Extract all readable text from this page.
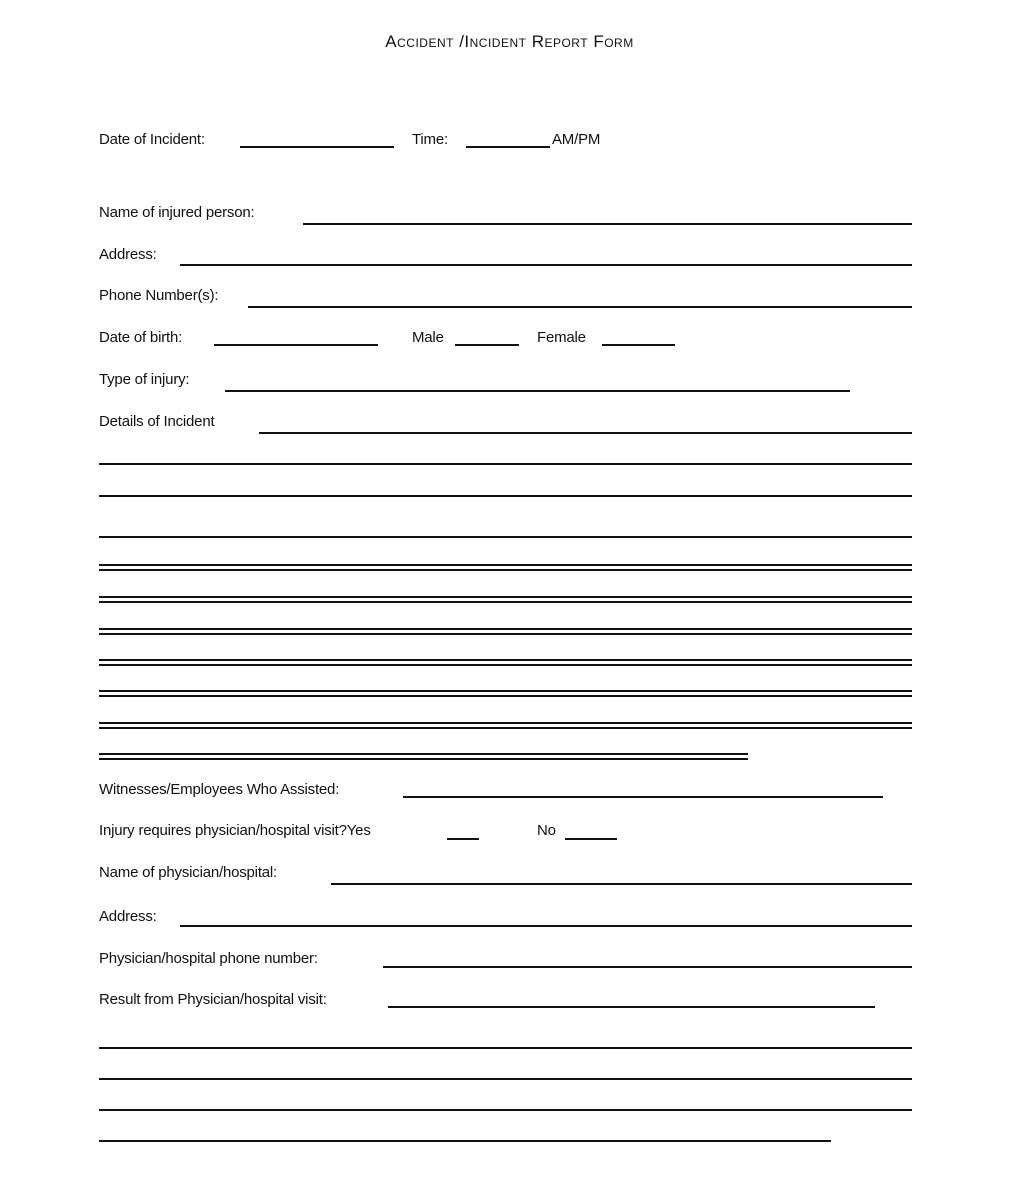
Accident /Incident Report Form
Date of Incident:	Time:	AM/PM
Name of injured person:
Address:
Phone Number(s):
Date of birth:	Male	Female
Type of injury:
Details of Incident
Witnesses/Employees Who Assisted:
Injury requires physician/hospital visit?Yes	No
Name of physician/hospital:
Address:
Physician/hospital phone number:
Result from Physician/hospital visit:
